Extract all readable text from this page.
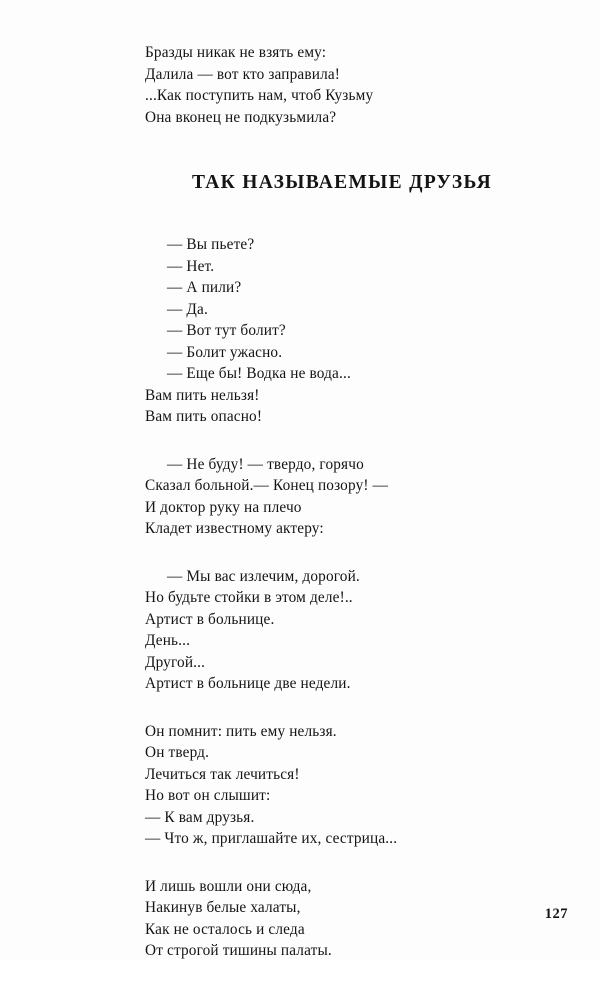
Бразды никак не взять ему:
Далила — вот кто заправила!
...Как поступить нам, чтоб Кузьму
Она вконец не подкузьмила?
ТАК НАЗЫВАЕМЫЕ ДРУЗЬЯ
— Вы пьете?
— Нет.
— А пили?
— Да.
— Вот тут болит?
— Болит ужасно.
— Еще бы! Водка не вода...
Вам пить нельзя!
Вам пить опасно!
— Не буду! — твердо, горячо
Сказал больной.— Конец позору! —
И доктор руку на плечо
Кладет известному актеру:
— Мы вас излечим, дорогой.
Но будьте стойки в этом деле!..
Артист в больнице.
День...
Другой...
Артист в больнице две недели.
Он помнит: пить ему нельзя.
Он тверд.
Лечиться так лечиться!
Но вот он слышит:
— К вам друзья.
— Что ж, приглашайте их, сестрица...
И лишь вошли они сюда,
Накинув белые халаты,
Как не осталось и следа
От строгой тишины палаты.
127
